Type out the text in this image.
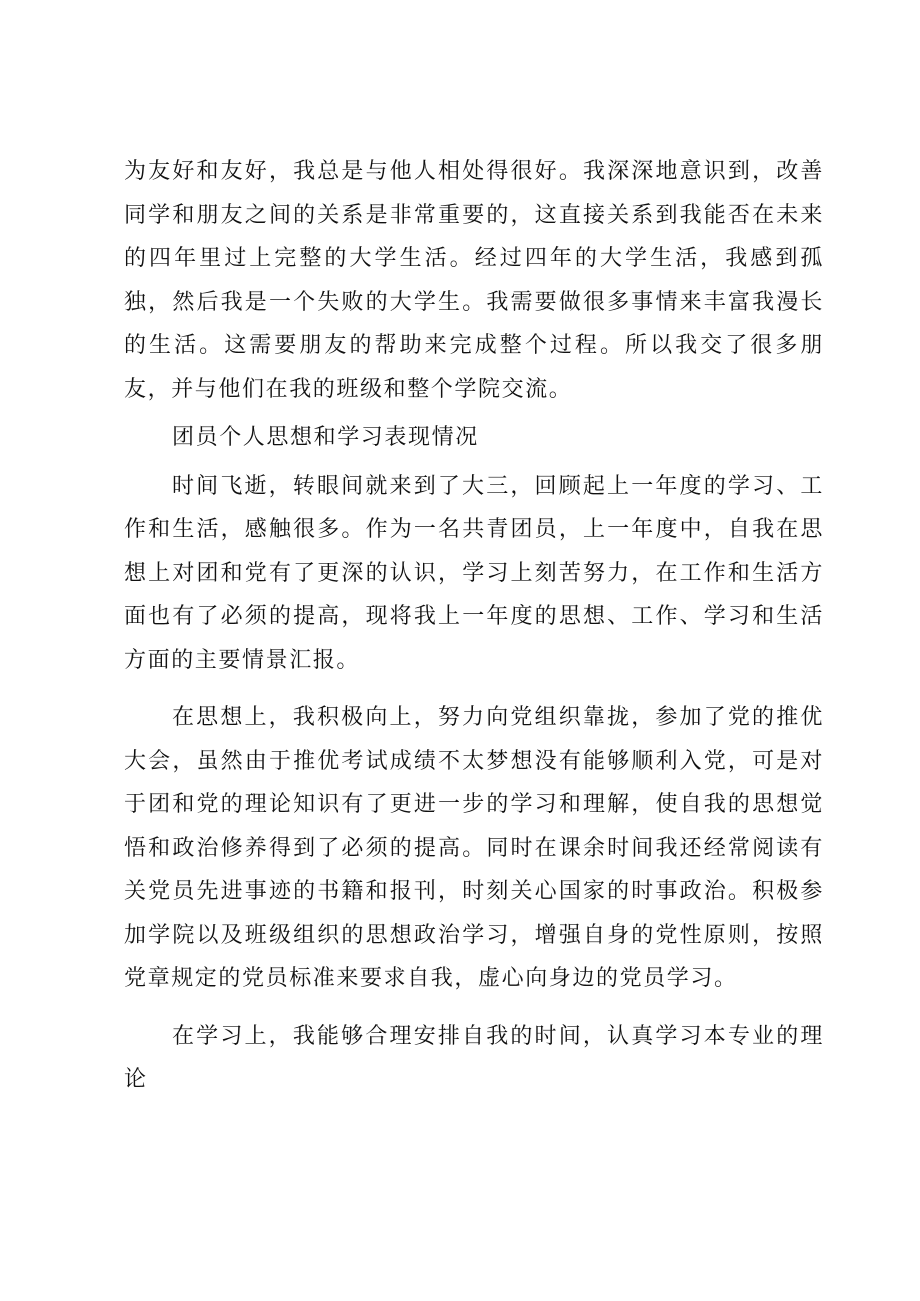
为友好和友好，我总是与他人相处得很好。我深深地意识到，改善同学和朋友之间的关系是非常重要的，这直接关系到我能否在未来的四年里过上完整的大学生活。经过四年的大学生活，我感到孤独，然后我是一个失败的大学生。我需要做很多事情来丰富我漫长的生活。这需要朋友的帮助来完成整个过程。所以我交了很多朋友，并与他们在我的班级和整个学院交流。

团员个人思想和学习表现情况

时间飞逝，转眼间就来到了大三，回顾起上一年度的学习、工作和生活，感触很多。作为一名共青团员，上一年度中，自我在思想上对团和党有了更深的认识，学习上刻苦努力，在工作和生活方面也有了必须的提高，现将我上一年度的思想、工作、学习和生活方面的主要情景汇报。

在思想上，我积极向上，努力向党组织靠拢，参加了党的推优大会，虽然由于推优考试成绩不太梦想没有能够顺利入党，可是对于团和党的理论知识有了更进一步的学习和理解，使自我的思想觉悟和政治修养得到了必须的提高。同时在课余时间我还经常阅读有关党员先进事迹的书籍和报刊，时刻关心国家的时事政治。积极参加学院以及班级组织的思想政治学习，增强自身的党性原则，按照党章规定的党员标准来要求自我，虚心向身边的党员学习。

在学习上，我能够合理安排自我的时间，认真学习本专业的理论
